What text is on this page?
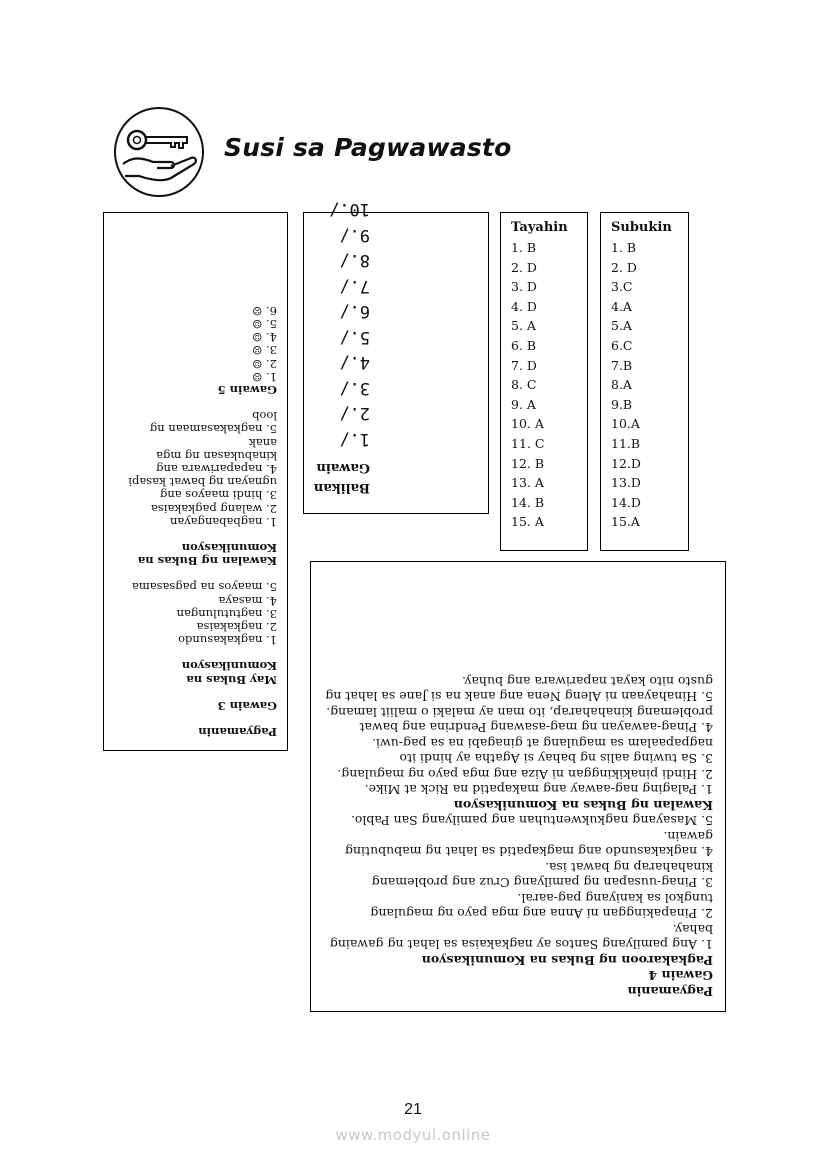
Susi sa Pagwawasto
Subukin
1. B
2. D
3.C
4.A
5.A
6.C
7.B
8.A
9.B
10.A
11.B
12.D
13.D
14.D
15.A
Tayahin
1. B
2. D
3. D
4. D
5. A
6. B
7. D
8. C
9. A
10. A
11. C
12. B
13. A
14. B
15. A
Balikan
Gawain
1./
2./
3./
4./
5./
6./
7./
8./
9./
10./
Pagyamanin
Gawain 3
May Bukas na
Komunikasyon
1. nagkakasundo
2. nagkakaisa
3. nagtutulungan
4. masaya
5. maayos na pagsasama
Kawalan ng Bukas na
Komunikasyon
1. nagbabangayan
2. walang pagkakaisa
3. hindi maayos ang
ugnayan ng bawat kasapi
4. napapariwara ang
kinabukasan ng mga
anak
5. nagkakasamaan ng
loob
Gawain 5
1. ☹
2. ☺
3. ☹
4. ☺
5. ☺
6. ☹

Pagyamanin

Gawain 4

Pagkakaroon ng Bukas na Komunikasyon

1. Ang pamilyang Santos ay nagkakaisa sa lahat ng gawaing bahay.

2. Pinapakinggan ni Anna ang mga payo ng magulang tungkol sa kaniyang pag-aaral.

3. Pinag-uusapan ng pamilyang Cruz ang problemang kinahaharap ng bawat isa.

4. nagkakasundo ang magkapatid sa lahat ng mabubuting gawain.

5. Masayang nagkukwentuhan ang pamilyang San Pablo.

Kawalan ng Bukas na Komunikasyon

1. Palaging nag-aaway ang makapatid na Rick at Mike.

2. Hindi pinakikinggan ni Aiza ang mga payo ng magulang.

3. Sa tuwing aalis ng bahay si Agatha ay hindi ito nagpapaalam sa magulang at ginagabi na sa pag-uwi.

4. Pinag-aawayan ng mag-asawang Pendrina ang bawat problemang kinahaharap, ito man ay malaki o maliit lamang.

5. Hinahayaan ni Aleng Nena ang anak na si Jane sa lahat ng gusto nito kayat napariwara ang buhay.

21
www.modyul.online
